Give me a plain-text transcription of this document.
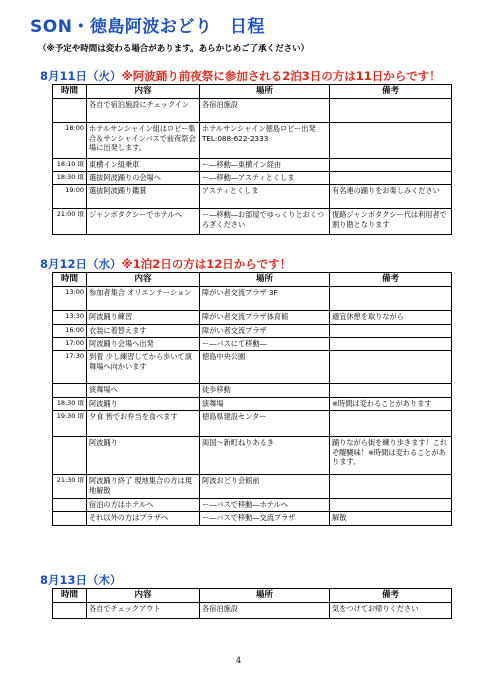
SON・徳島阿波おどり　日程
（※予定や時間は変わる場合があります。あらかじめご了承ください）
8月11日（火）※阿波踊り前夜祭に参加される2泊3日の方は11日からです！
時間	内容	場所	備考
	各自で宿泊施設にチェックイン	各宿泊施設	
18:00	ホテルサンシャイン組はロビー集合＆サンシャインバスで前夜祭会場に出発します。	ホテルサンシャイン徳島ロビー出発 TEL:088-622-2333	
18:10 頃	東横イン組乗車	ー―移動―東横イン経由	
18:30 頃	選抜阿波踊りの会場へ	ー―移動―アスティとくしま	
19:00	選抜阿波踊り鑑賞	アスティとくしま	有名連の踊りをお楽しみください
21:00 頃	ジャンボタクシーでホテルへ	ー―移動―お部屋でゆっくりとおくつろぎください	復路ジャンボタクシー代は利用者で割り勘となります
8月12日（水）※1泊2日の方は12日からです！
時間	内容	場所	備考
13:00	参加者集合 オリエンテーション	障がい者交流プラザ 3F	
13:30	阿波踊り練習	障がい者交流プラザ体育館	適宜休憩を取りながら
16:00	衣装に着替えます	障がい者交流プラザ	
17:00	阿波踊り会場へ出発	ー―バスにて移動―	
17:30	到着 少し練習してから歩いて演舞場へ向かいます	徳島中央公園	
	演舞場へ	徒歩移動	
18:30 頃	阿波踊り	演舞場	※時間は変わることがあります
19:30 頃	夕食 皆でお弁当を食べます	徳島県建設センター	
	阿波踊り	両国〜新町ねりあるき	踊りながら街を練り歩きます！これぞ醍醐味！※時間は変わることがあります。
21:30 頃	阿波踊り終了 現地集合の方は現地解散	阿波おどり会館前	
	宿泊の方はホテルへ	ー―バスで移動―ホテルへ	
	それ以外の方はプラザへ	ー―バスで移動―交流プラザ	解散
8月13日（木）
時間	内容	場所	備考
	各自でチェックアウト	各宿泊施設	気をつけてお帰りください
4
